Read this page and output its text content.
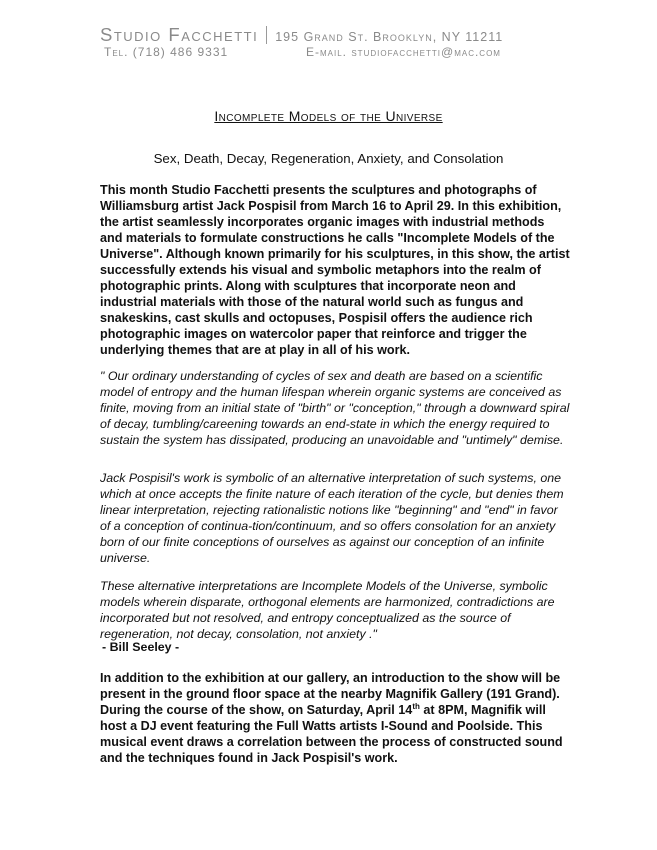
Studio Facchetti 195 Grand St. Brooklyn, NY 11211
Tel. (718) 486 9331	E-mail. studiofacchetti@mac.com
Incomplete Models of the Universe
Sex, Death, Decay, Regeneration, Anxiety, and Consolation

This month Studio Facchetti presents the sculptures and photographs of Williamsburg artist Jack Pospisil from March 16 to April 29. In this exhibition, the artist seamlessly incorporates organic images with industrial methods and materials to formulate constructions he calls "Incomplete Models of the Universe". Although known primarily for his sculptures, in this show, the artist successfully extends his visual and symbolic metaphors into the realm of photographic prints. Along with sculptures that incorporate neon and industrial materials with those of the natural world such as fungus and snakeskins, cast skulls and octopuses, Pospisil offers the audience rich photographic images on watercolor paper that reinforce and trigger the underlying themes that are at play in all of his work.

" Our ordinary understanding of cycles of sex and death are based on a scientific model of entropy and the human lifespan wherein organic systems are conceived as finite, moving from an initial state of "birth" or "conception," through a downward spiral of decay, tumbling/careening towards an end-state in which the energy required to sustain the system has dissipated, producing an unavoidable and "untimely" demise.

Jack Pospisil's work is symbolic of an alternative interpretation of such systems, one which at once accepts the finite nature of each iteration of the cycle, but denies them linear interpretation, rejecting rationalistic notions like "beginning" and "end" in favor of a conception of continua-tion/continuum, and so offers consolation for an anxiety born of our finite conceptions of ourselves as against our conception of an infinite universe.

These alternative interpretations are Incomplete Models of the Universe, symbolic models wherein disparate, orthogonal elements are harmonized, contradictions are incorporated but not resolved, and entropy conceptualized as the source of regeneration, not decay, consolation, not anxiety ."

- Bill Seeley -

In addition to the exhibition at our gallery, an introduction to the show will be present in the ground floor space at the nearby Magnifik Gallery (191 Grand). During the course of the show, on Saturday, April 14th at 8PM, Magnifik will host a DJ event featuring the Full Watts artists I-Sound and Poolside. This musical event draws a correlation between the process of constructed sound and the techniques found in Jack Pospisil's work.
